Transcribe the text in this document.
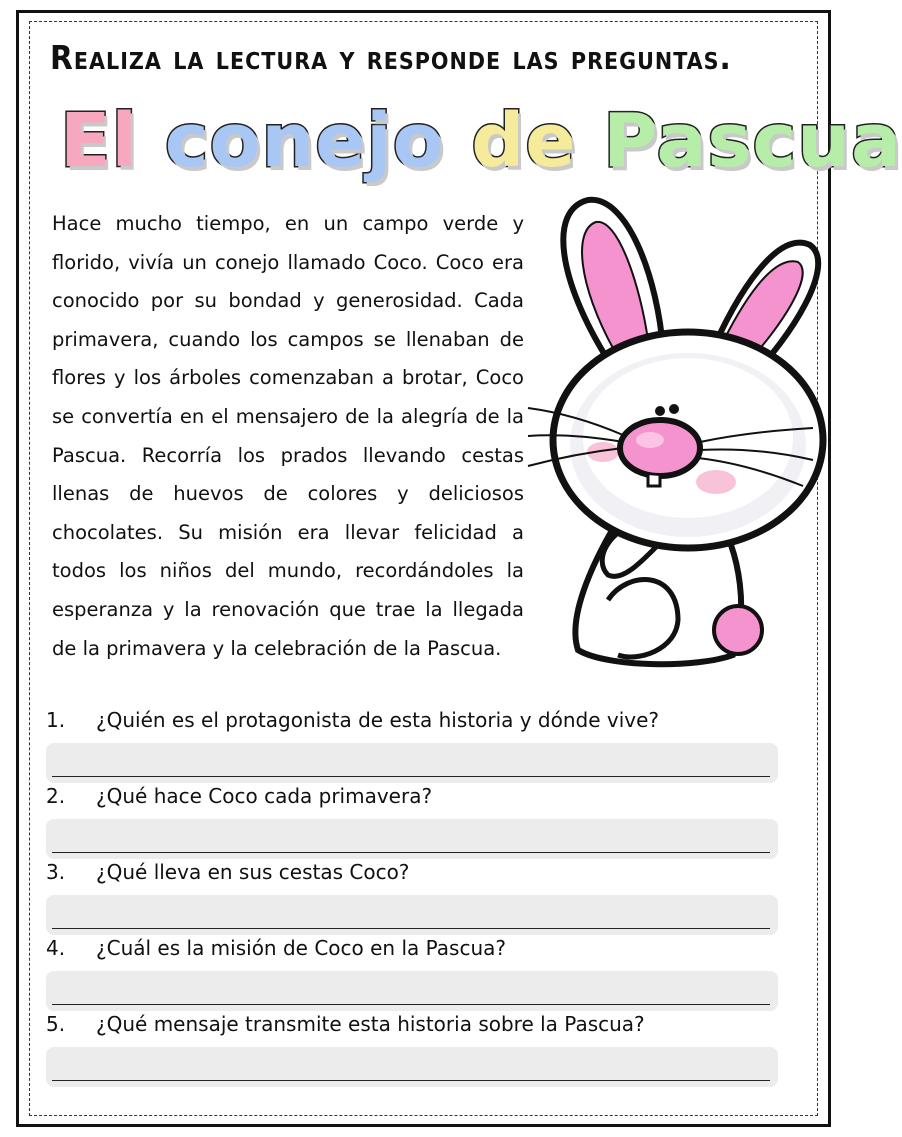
Realiza la lectura y responde las preguntas.
El conejo de Pascua
Hace mucho tiempo, en un campo verde y florido, vivía un conejo llamado Coco. Coco era conocido por su bondad y generosidad. Cada primavera, cuando los campos se llenaban de flores y los árboles comenzaban a brotar, Coco se convertía en el mensajero de la alegría de la Pascua. Recorría los prados llevando cestas llenas de huevos de colores y deliciosos chocolates. Su misión era llevar felicidad a todos los niños del mundo, recordándoles la esperanza y la renovación que trae la llegada de la primavera y la celebración de la Pascua.
1. ¿Quién es el protagonista de esta historia y dónde vive?
2. ¿Qué hace Coco cada primavera?
3. ¿Qué lleva en sus cestas Coco?
4. ¿Cuál es la misión de Coco en la Pascua?
5. ¿Qué mensaje transmite esta historia sobre la Pascua?
